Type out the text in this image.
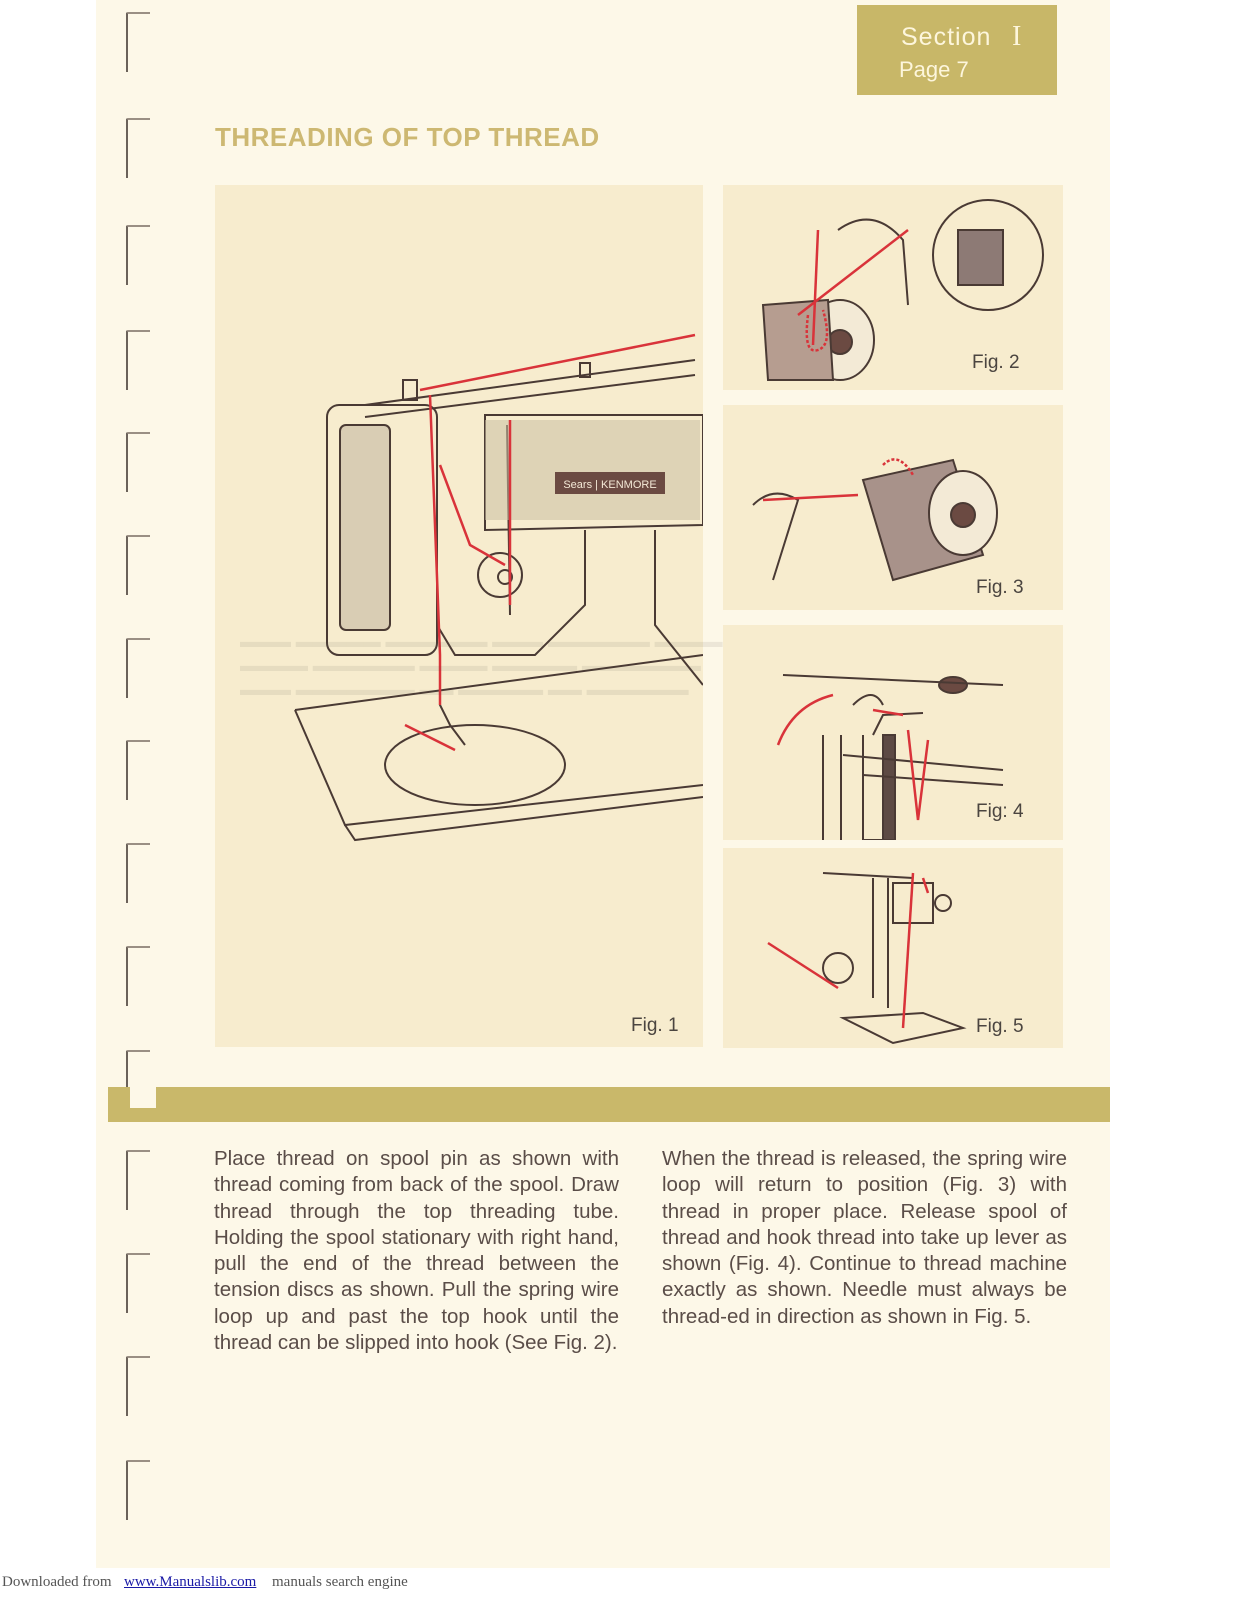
Section I
Page 7
THREADING OF TOP THREAD
Sears | KENMORE
▬▬▬ ▬▬▬▬▬ ▬▬▬▬▬▬ ▬▬▬ ▬▬▬▬▬▬ ▬▬▬▬
▬▬▬▬ ▬▬▬▬▬▬ ▬▬▬▬ ▬▬▬▬▬ ▬▬▬▬▬▬▬
▬▬▬ ▬▬▬▬▬▬▬ ▬▬ ▬▬▬▬▬ ▬▬ ▬▬▬▬▬▬
Fig. 1
Fig. 2
Fig. 3
Fig: 4
Fig. 5
Place thread on spool pin as shown with thread coming from back of the spool. Draw thread through the top threading tube. Holding the spool stationary with right hand, pull the end of the thread between the tension discs as shown. Pull the spring wire loop up and past the top hook until the thread can be slipped into hook (See Fig. 2).
When the thread is released, the spring wire loop will return to position (Fig. 3) with thread in proper place. Release spool of thread and hook thread into take up lever as shown (Fig. 4). Continue to thread machine exactly as shown. Needle must always be thread-ed in direction as shown in Fig. 5.
Downloaded from www.Manualslib.com manuals search engine
